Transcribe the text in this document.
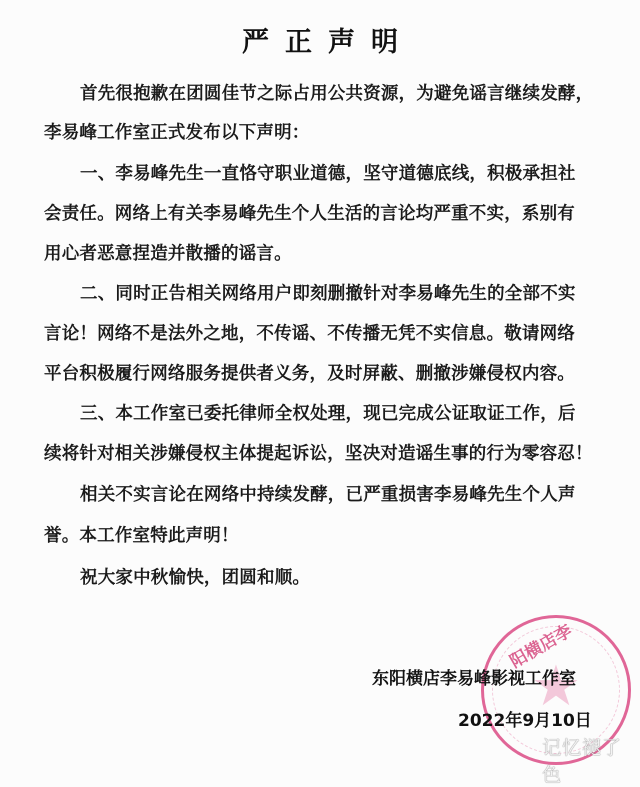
严正声明
首先很抱歉在团圆佳节之际占用公共资源，为避免谣言继续发酵，
李易峰工作室正式发布以下声明：
一、李易峰先生一直恪守职业道德，坚守道德底线，积极承担社
会责任。网络上有关李易峰先生个人生活的言论均严重不实，系别有
用心者恶意捏造并散播的谣言。
二、同时正告相关网络用户即刻删撤针对李易峰先生的全部不实
言论！网络不是法外之地，不传谣、不传播无凭不实信息。敬请网络
平台积极履行网络服务提供者义务，及时屏蔽、删撤涉嫌侵权内容。
三、本工作室已委托律师全权处理，现已完成公证取证工作，后
续将针对相关涉嫌侵权主体提起诉讼，坚决对造谣生事的行为零容忍！
相关不实言论在网络中持续发酵，已严重损害李易峰先生个人声
誉。本工作室特此声明！
祝大家中秋愉快，团圆和顺。
★
阳横店李
东阳横店李易峰影视工作室
2022年9月10日
记忆褪了色
